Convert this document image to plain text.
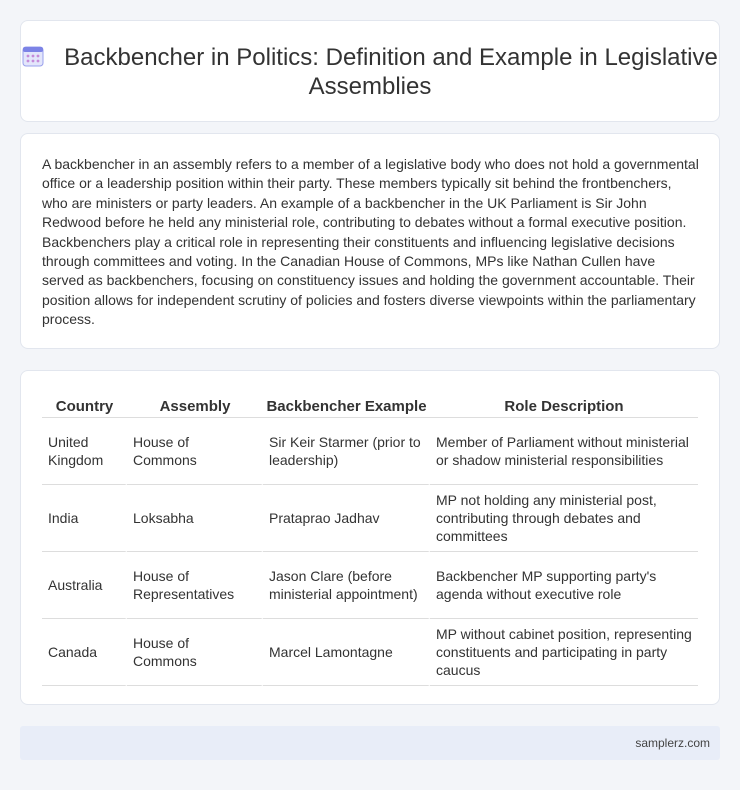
Backbencher in Politics: Definition and Example in Legislative Assemblies

A backbencher in an assembly refers to a member of a legislative body who does not hold a governmental office or a leadership position within their party. These members typically sit behind the frontbenchers, who are ministers or party leaders. An example of a backbencher in the UK Parliament is Sir John Redwood before he held any ministerial role, contributing to debates without a formal executive position. Backbenchers play a critical role in representing their constituents and influencing legislative decisions through committees and voting. In the Canadian House of Commons, MPs like Nathan Cullen have served as backbenchers, focusing on constituency issues and holding the government accountable. Their position allows for independent scrutiny of policies and fosters diverse viewpoints within the parliamentary process.

Country	Assembly	Backbencher Example	Role Description
United Kingdom	House of Commons	Sir Keir Starmer (prior to leadership)	Member of Parliament without ministerial or shadow ministerial responsibilities
India	Loksabha	Prataprao Jadhav	MP not holding any ministerial post, contributing through debates and committees
Australia	House of Representatives	Jason Clare (before ministerial appointment)	Backbencher MP supporting party's agenda without executive role
Canada	House of Commons	Marcel Lamontagne	MP without cabinet position, representing constituents and participating in party caucus
samplerz.com
